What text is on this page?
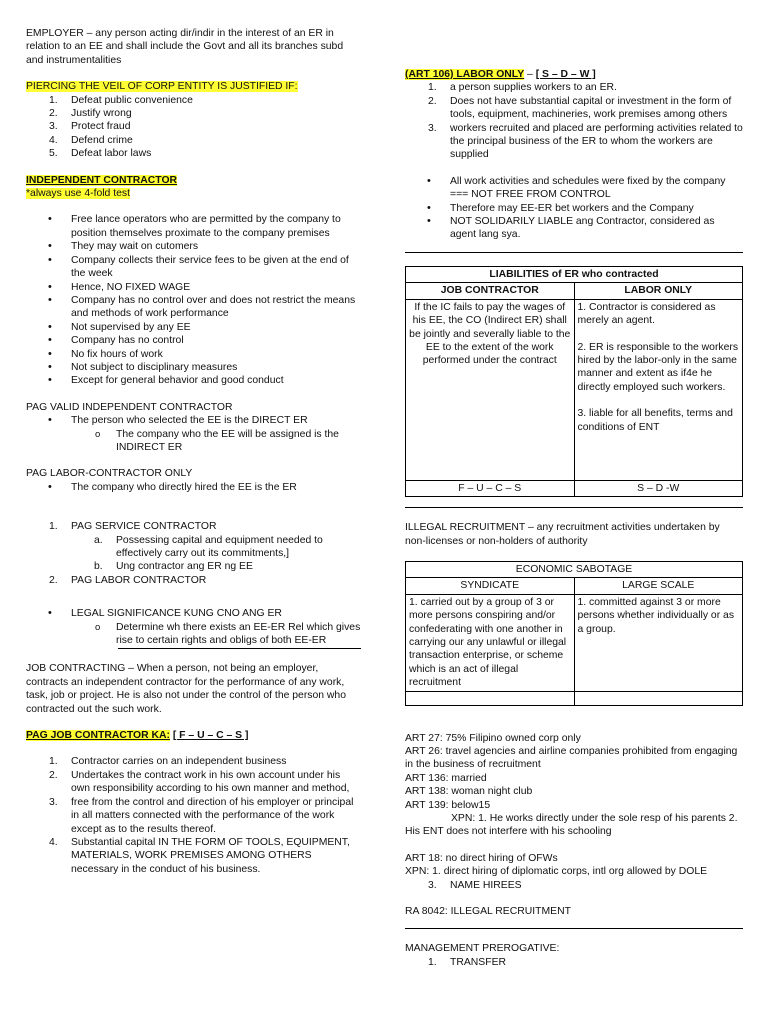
EMPLOYER – any person acting dir/indir in the interest of an ER in relation to an EE and shall include the Govt and all its branches subd and instrumentalities

PIERCING THE VEIL OF CORP ENTITY IS JUSTIFIED IF:

1. Defeat public convenience
2. Justify wrong
3. Protect fraud
4. Defend crime
5. Defeat labor laws

INDEPENDENT CONTRACTOR

*always use 4-fold test

• Free lance operators who are permitted by the company to position themselves proximate to the company premises
• They may wait on cutomers
• Company collects their service fees to be given at the end of the week
• Hence, NO FIXED WAGE
• Company has no control over and does not restrict the means and methods of work performance
• Not supervised by any EE
• Company has no control
• No fix hours of work
• Not subject to disciplinary measures
• Except for general behavior and good conduct

PAG VALID INDEPENDENT CONTRACTOR

• The person who selected the EE is the DIRECT ER
o The company who the EE will be assigned is the INDIRECT ER

PAG LABOR-CONTRACTOR ONLY

• The company who directly hired the EE is the ER
1. PAG SERVICE CONTRACTOR
a. Possessing capital and equipment needed to effectively carry out its commitments,]
b. Ung contractor ang ER ng EE
2. PAG LABOR CONTRACTOR
• LEGAL SIGNIFICANCE KUNG CNO ANG ER
o Determine wh there exists an EE-ER Rel which gives rise to certain rights and obligs of both EE-ER

JOB CONTRACTING – When a person, not being an employer, contracts an independent contractor for the performance of any work, task, job or project. He is also not under the control of the person who contracted out the such work.

PAG JOB CONTRACTOR KA: [ F – U – C – S ]

1. Contractor carries on an independent business
2. Undertakes the contract work in his own account under his own responsibility according to his own manner and method,
3. free from the control and direction of his employer or principal in all matters connected with the performance of the work except as to the results thereof.
4. Substantial capital IN THE FORM OF TOOLS, EQUIPMENT, MATERIALS, WORK PREMISES AMONG OTHERS necessary in the conduct of his business.

(ART 106) LABOR ONLY – [ S – D – W ]

1. a person supplies workers to an ER.
2. Does not have substantial capital or investment in the form of tools, equipment, machineries, work premises among others
3. workers recruited and placed are performing activities related to the principal business of the ER to whom the workers are supplied
• All work activities and schedules were fixed by the company === NOT FREE FROM CONTROL
• Therefore may EE-ER bet workers and the Company
• NOT SOLIDARILY LIABLE ang Contractor, considered as agent lang sya.
LIABILITIES of ER who contracted	
JOB CONTRACTOR	LABOR ONLY
If the IC fails to pay the wages of his EE, the CO (Indirect ER) shall be jointly and severally liable to the EE to the extent of the work performed under the contract	1. Contractor is considered as merely an agent.

2. ER is responsible to the workers hired by the labor-only in the same manner and extent as if4e he directly employed such workers.

3. liable for all benefits, terms and conditions of ENT

F – U – C – S	S – D -W

ILLEGAL RECRUITMENT – any recruitment activities undertaken by non-licenses or non-holders of authority

ECONOMIC SABOTAGE	
SYNDICATE	LARGE SCALE
1. carried out by a group of 3 or more persons conspiring and/or confederating with one another in carrying our any unlawful or illegal transaction enterprise, or scheme which is an act of illegal recruitment	1. committed against 3 or more persons whether individually or as a group.

ART 27: 75% Filipino owned corp only

ART 26: travel agencies and airline companies prohibited from engaging in the business of recruitment

ART 136: married

ART 138: woman night club

ART 139: below15

XPN: 1. He works directly under the sole resp of his parents 2. His ENT does not interfere with his schooling

ART 18: no direct hiring of OFWs

XPN: 1. direct hiring of diplomatic corps, intl org allowed by DOLE

3. NAME HIREES

RA 8042: ILLEGAL RECRUITMENT

MANAGEMENT PREROGATIVE:

1. TRANSFER
